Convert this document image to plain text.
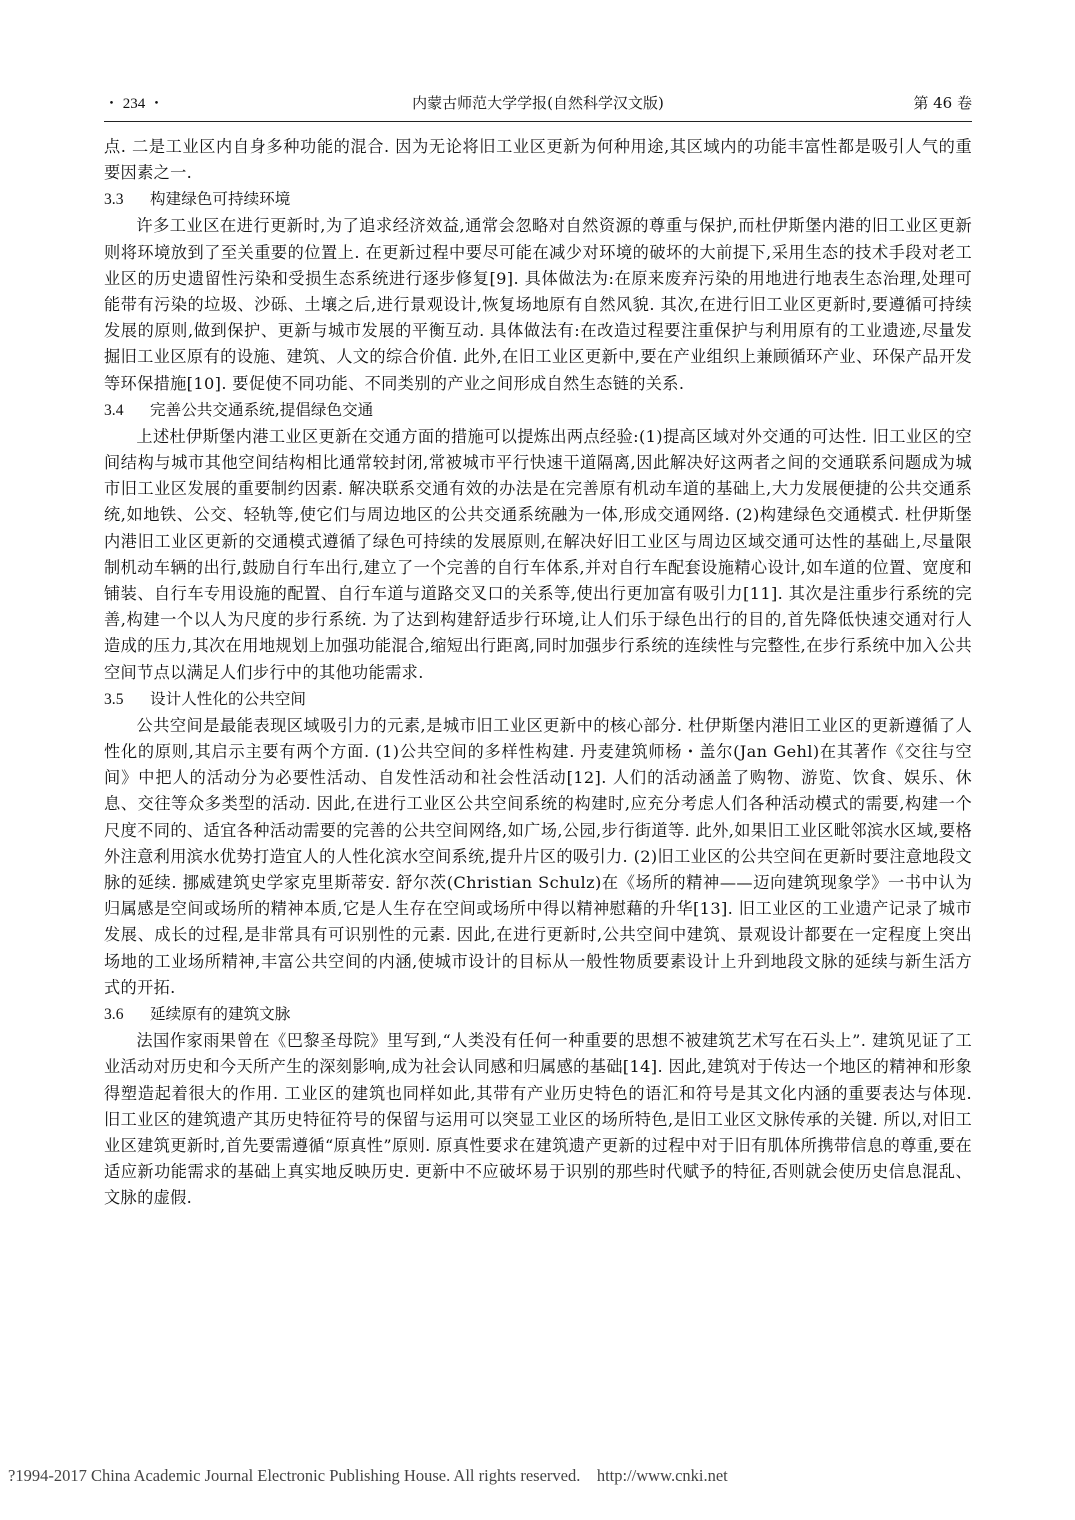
・ 234 ・	内蒙古师范大学学报(自然科学汉文版)	第 46 卷

点. 二是工业区内自身多种功能的混合. 因为无论将旧工业区更新为何种用途,其区域内的功能丰富性都是吸引人气的重要因素之一.

3.3 构建绿色可持续环境

许多工业区在进行更新时,为了追求经济效益,通常会忽略对自然资源的尊重与保护,而杜伊斯堡内港的旧工业区更新则将环境放到了至关重要的位置上. 在更新过程中要尽可能在减少对环境的破坏的大前提下,采用生态的技术手段对老工业区的历史遗留性污染和受损生态系统进行逐步修复[9]. 具体做法为:在原来废弃污染的用地进行地表生态治理,处理可能带有污染的垃圾、沙砾、土壤之后,进行景观设计,恢复场地原有自然风貌. 其次,在进行旧工业区更新时,要遵循可持续发展的原则,做到保护、更新与城市发展的平衡互动. 具体做法有:在改造过程要注重保护与利用原有的工业遗迹,尽量发掘旧工业区原有的设施、建筑、人文的综合价值. 此外,在旧工业区更新中,要在产业组织上兼顾循环产业、环保产品开发等环保措施[10]. 要促使不同功能、不同类别的产业之间形成自然生态链的关系.

3.4 完善公共交通系统,提倡绿色交通

上述杜伊斯堡内港工业区更新在交通方面的措施可以提炼出两点经验:(1)提高区域对外交通的可达性. 旧工业区的空间结构与城市其他空间结构相比通常较封闭,常被城市平行快速干道隔离,因此解决好这两者之间的交通联系问题成为城市旧工业区发展的重要制约因素. 解决联系交通有效的办法是在完善原有机动车道的基础上,大力发展便捷的公共交通系统,如地铁、公交、轻轨等,使它们与周边地区的公共交通系统融为一体,形成交通网络. (2)构建绿色交通模式. 杜伊斯堡内港旧工业区更新的交通模式遵循了绿色可持续的发展原则,在解决好旧工业区与周边区域交通可达性的基础上,尽量限制机动车辆的出行,鼓励自行车出行,建立了一个完善的自行车体系,并对自行车配套设施精心设计,如车道的位置、宽度和铺装、自行车专用设施的配置、自行车道与道路交叉口的关系等,使出行更加富有吸引力[11]. 其次是注重步行系统的完善,构建一个以人为尺度的步行系统. 为了达到构建舒适步行环境,让人们乐于绿色出行的目的,首先降低快速交通对行人造成的压力,其次在用地规划上加强功能混合,缩短出行距离,同时加强步行系统的连续性与完整性,在步行系统中加入公共空间节点以满足人们步行中的其他功能需求.

3.5 设计人性化的公共空间

公共空间是最能表现区域吸引力的元素,是城市旧工业区更新中的核心部分. 杜伊斯堡内港旧工业区的更新遵循了人性化的原则,其启示主要有两个方面. (1)公共空间的多样性构建. 丹麦建筑师杨・盖尔(Jan Gehl)在其著作《交往与空间》中把人的活动分为必要性活动、自发性活动和社会性活动[12]. 人们的活动涵盖了购物、游览、饮食、娱乐、休息、交往等众多类型的活动. 因此,在进行工业区公共空间系统的构建时,应充分考虑人们各种活动模式的需要,构建一个尺度不同的、适宜各种活动需要的完善的公共空间网络,如广场,公园,步行街道等. 此外,如果旧工业区毗邻滨水区域,要格外注意利用滨水优势打造宜人的人性化滨水空间系统,提升片区的吸引力. (2)旧工业区的公共空间在更新时要注意地段文脉的延续. 挪威建筑史学家克里斯蒂安. 舒尔茨(Christian Schulz)在《场所的精神——迈向建筑现象学》一书中认为归属感是空间或场所的精神本质,它是人生存在空间或场所中得以精神慰藉的升华[13]. 旧工业区的工业遗产记录了城市发展、成长的过程,是非常具有可识别性的元素. 因此,在进行更新时,公共空间中建筑、景观设计都要在一定程度上突出场地的工业场所精神,丰富公共空间的内涵,使城市设计的目标从一般性物质要素设计上升到地段文脉的延续与新生活方式的开拓.

3.6 延续原有的建筑文脉

法国作家雨果曾在《巴黎圣母院》里写到,“人类没有任何一种重要的思想不被建筑艺术写在石头上”. 建筑见证了工业活动对历史和今天所产生的深刻影响,成为社会认同感和归属感的基础[14]. 因此,建筑对于传达一个地区的精神和形象得塑造起着很大的作用. 工业区的建筑也同样如此,其带有产业历史特色的语汇和符号是其文化内涵的重要表达与体现. 旧工业区的建筑遗产其历史特征符号的保留与运用可以突显工业区的场所特色,是旧工业区文脉传承的关键. 所以,对旧工业区建筑更新时,首先要需遵循“原真性”原则. 原真性要求在建筑遗产更新的过程中对于旧有肌体所携带信息的尊重,要在适应新功能需求的基础上真实地反映历史. 更新中不应破坏易于识别的那些时代赋予的特征,否则就会使历史信息混乱、文脉的虚假.

?1994-2017 China Academic Journal Electronic Publishing House. All rights reserved. http://www.cnki.net
